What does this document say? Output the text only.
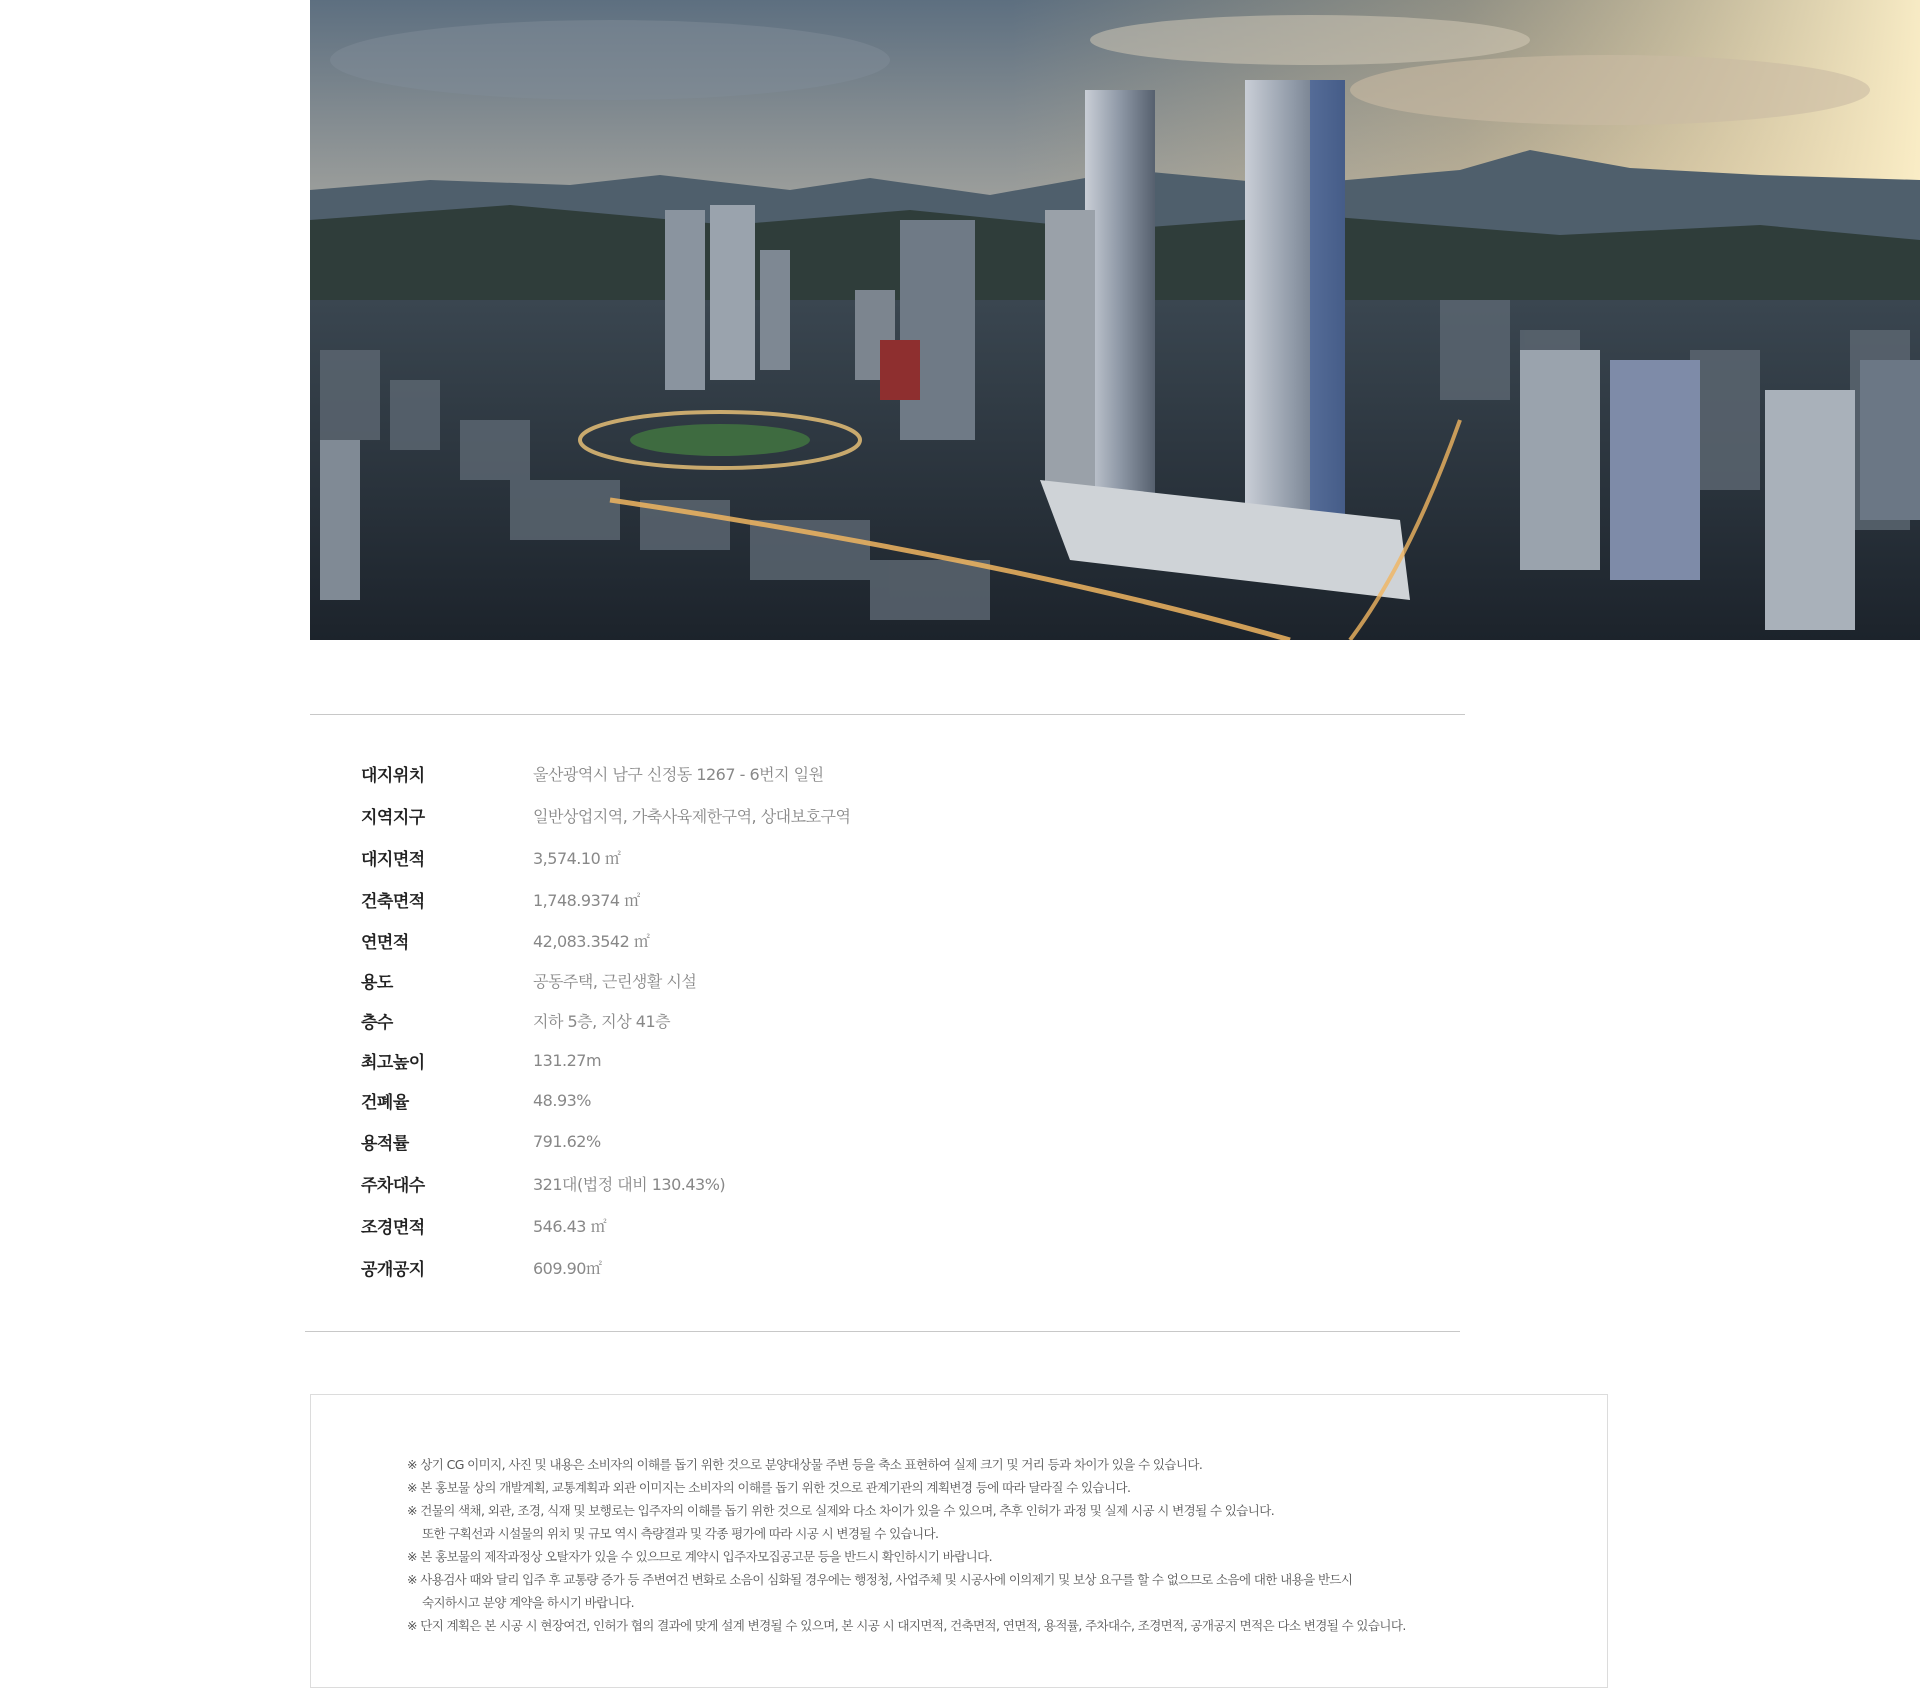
대지위치	울산광역시 남구 신정동 1267 - 6번지 일원
지역지구	일반상업지역, 가축사육제한구역, 상대보호구역
대지면적	3,574.10 ㎡
건축면적	1,748.9374 ㎡
연면적	42,083.3542 ㎡
용도	공동주택, 근린생활 시설
층수	지하 5층, 지상 41층
최고높이	131.27m
건폐율	48.93%
용적률	791.62%
주차대수	321대(법정 대비 130.43%)
조경면적	546.43 ㎡
공개공지	609.90㎡
※ 상기 CG 이미지, 사진 및 내용은 소비자의 이해를 돕기 위한 것으로 분양대상물 주변 등을 축소 표현하여 실제 크기 및 거리 등과 차이가 있을 수 있습니다.
※ 본 홍보물 상의 개발계획, 교통계획과 외관 이미지는 소비자의 이해를 돕기 위한 것으로 관계기관의 계획변경 등에 따라 달라질 수 있습니다.
※ 건물의 색채, 외관, 조경, 식재 및 보행로는 입주자의 이해를 돕기 위한 것으로 실제와 다소 차이가 있을 수 있으며, 추후 인허가 과정 및 실제 시공 시 변경될 수 있습니다.
또한 구획선과 시설물의 위치 및 규모 역시 측량결과 및 각종 평가에 따라 시공 시 변경될 수 있습니다.
※ 본 홍보물의 제작과정상 오탈자가 있을 수 있으므로 계약시 입주자모집공고문 등을 반드시 확인하시기 바랍니다.
※ 사용검사 때와 달리 입주 후 교통량 증가 등 주변여건 변화로 소음이 심화될 경우에는 행정청, 사업주체 및 시공사에 이의제기 및 보상 요구를 할 수 없으므로 소음에 대한 내용을 반드시
숙지하시고 분양 계약을 하시기 바랍니다.
※ 단지 계획은 본 시공 시 현장여건, 인허가 협의 결과에 맞게 설계 변경될 수 있으며, 본 시공 시 대지면적, 건축면적, 연면적, 용적률, 주차대수, 조경면적, 공개공지 면적은 다소 변경될 수 있습니다.
